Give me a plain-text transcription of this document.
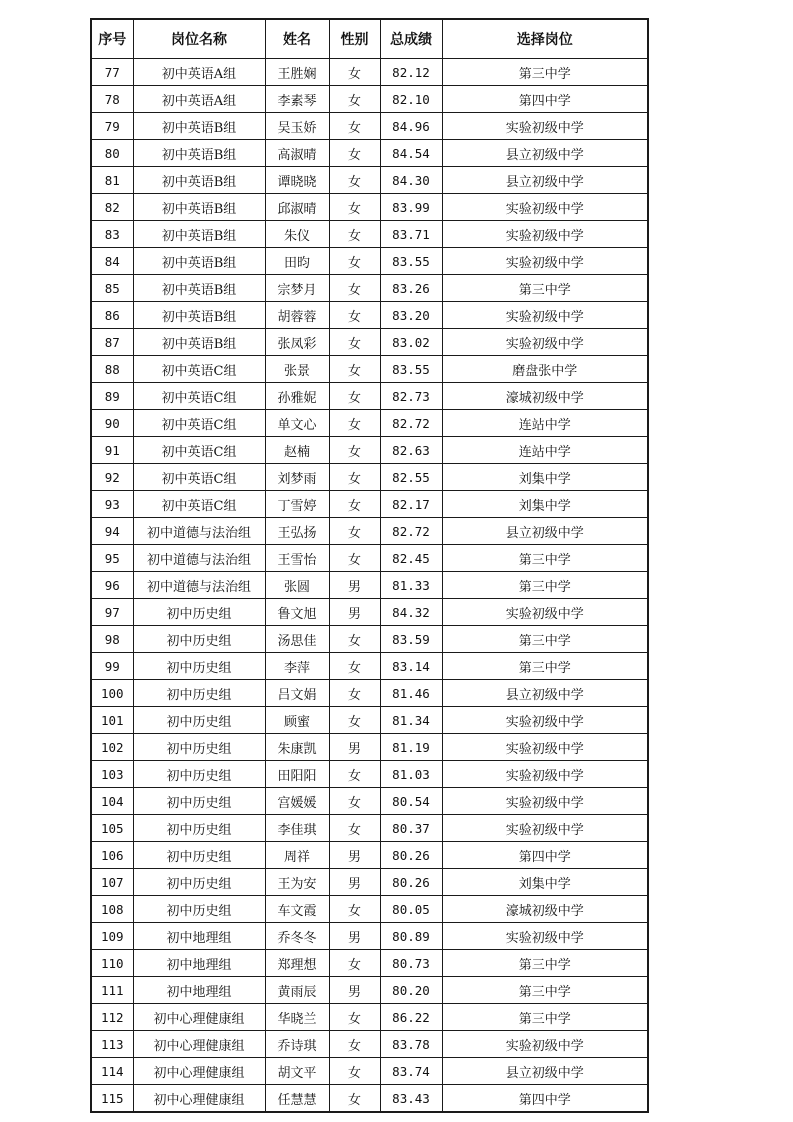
序号	岗位名称	姓名	性别	总成绩	选择岗位
77	初中英语A组	王胜娴	女	82.12	第三中学
78	初中英语A组	李素琴	女	82.10	第四中学
79	初中英语B组	吴玉娇	女	84.96	实验初级中学
80	初中英语B组	高淑晴	女	84.54	县立初级中学
81	初中英语B组	谭晓晓	女	84.30	县立初级中学
82	初中英语B组	邱淑晴	女	83.99	实验初级中学
83	初中英语B组	朱仪	女	83.71	实验初级中学
84	初中英语B组	田昀	女	83.55	实验初级中学
85	初中英语B组	宗梦月	女	83.26	第三中学
86	初中英语B组	胡蓉蓉	女	83.20	实验初级中学
87	初中英语B组	张凤彩	女	83.02	实验初级中学
88	初中英语C组	张景	女	83.55	磨盘张中学
89	初中英语C组	孙雅妮	女	82.73	濠城初级中学
90	初中英语C组	单文心	女	82.72	连站中学
91	初中英语C组	赵楠	女	82.63	连站中学
92	初中英语C组	刘梦雨	女	82.55	刘集中学
93	初中英语C组	丁雪婷	女	82.17	刘集中学
94	初中道德与法治组	王弘扬	女	82.72	县立初级中学
95	初中道德与法治组	王雪怡	女	82.45	第三中学
96	初中道德与法治组	张圆	男	81.33	第三中学
97	初中历史组	鲁文旭	男	84.32	实验初级中学
98	初中历史组	汤思佳	女	83.59	第三中学
99	初中历史组	李萍	女	83.14	第三中学
100	初中历史组	吕文娟	女	81.46	县立初级中学
101	初中历史组	顾蜜	女	81.34	实验初级中学
102	初中历史组	朱康凯	男	81.19	实验初级中学
103	初中历史组	田阳阳	女	81.03	实验初级中学
104	初中历史组	宫媛媛	女	80.54	实验初级中学
105	初中历史组	李佳琪	女	80.37	实验初级中学
106	初中历史组	周祥	男	80.26	第四中学
107	初中历史组	王为安	男	80.26	刘集中学
108	初中历史组	车文霞	女	80.05	濠城初级中学
109	初中地理组	乔冬冬	男	80.89	实验初级中学
110	初中地理组	郑理想	女	80.73	第三中学
111	初中地理组	黄雨辰	男	80.20	第三中学
112	初中心理健康组	华晓兰	女	86.22	第三中学
113	初中心理健康组	乔诗琪	女	83.78	实验初级中学
114	初中心理健康组	胡文平	女	83.74	县立初级中学
115	初中心理健康组	任慧慧	女	83.43	第四中学
